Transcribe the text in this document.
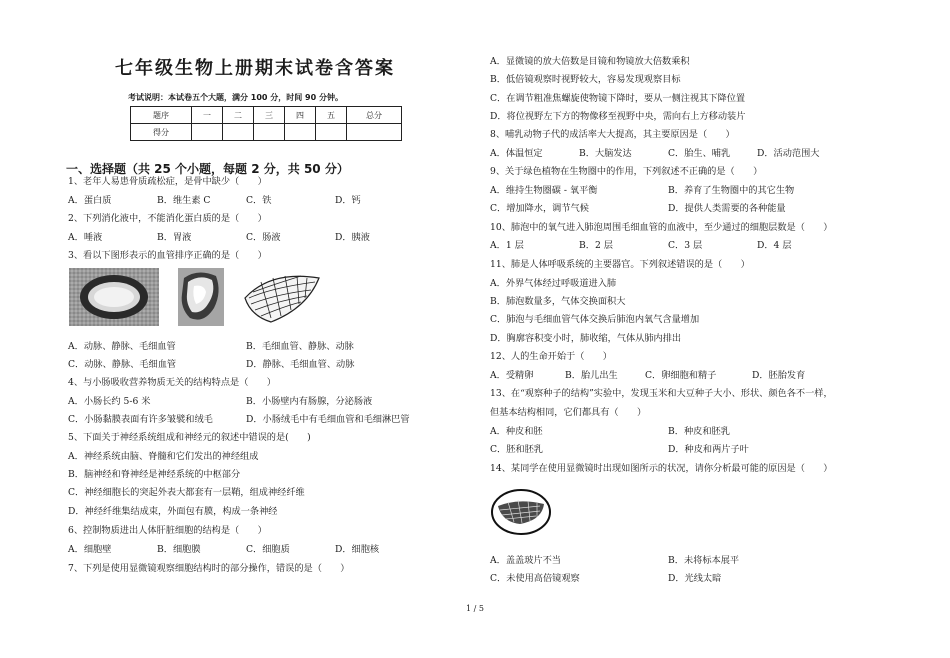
七年级生物上册期末试卷含答案
考试说明：本试卷五个大题，满分 100 分，时间 90 分钟。
题序	一	二	三	四	五	总分
得分						
一、选择题（共 25 个小题，每题 2 分，共 50 分）
1、老年人易患骨质疏松症，是骨中缺少（　　）
A．蛋白质	B．维生素 C	C．铁	D．钙
2、下列消化液中，不能消化蛋白质的是（　　）
A．唾液	B．胃液	C．肠液	D．胰液
3、看以下图形表示的血管排序正确的是（　　）
A．动脉、静脉、毛细血管	B．毛细血管、静脉、动脉
C．动脉、静脉、毛细血管	D．静脉、毛细血管、动脉
4、与小肠吸收营养物质无关的结构特点是（　　）
A．小肠长约 5-6 米	B．小肠壁内有肠腺，分泌肠液
C．小肠黏膜表面有许多皱襞和绒毛	D．小肠绒毛中有毛细血管和毛细淋巴管
5、下面关于神经系统组成和神经元的叙述中错误的是(　　)
A．神经系统由脑、脊髓和它们发出的神经组成
B．脑神经和脊神经是神经系统的中枢部分
C．神经细胞长的突起外表大都套有一层鞘，组成神经纤维
D．神经纤维集结成束，外面包有膜，构成一条神经
6、控制物质进出人体肝脏细胞的结构是（　　）
A．细胞壁	B．细胞膜	C．细胞质	D．细胞核
7、下列是使用显微镜观察细胞结构时的部分操作，错误的是（　　）
A．显微镜的放大倍数是目镜和物镜放大倍数乘积
B．低倍镜观察时视野较大，容易发现观察目标
C．在调节粗准焦螺旋使物镜下降时，要从一侧注视其下降位置
D．将位视野左下方的物像移至视野中央，需向右上方移动装片
8、哺乳动物子代的成活率大大提高，其主要原因是（　　）
A．体温恒定	B．大脑发达	C．胎生、哺乳	D．活动范围大
9、关于绿色植物在生物圈中的作用，下列叙述不正确的是（　　）
A．维持生物圈碳 - 氧平衡	B．养育了生物圈中的其它生物
C．增加降水，调节气候	D．提供人类需要的各种能量
10、肺泡中的氧气进入肺泡周围毛细血管的血液中，至少通过的细胞层数是（　　）
A．1 层	B．2 层	C．3 层	D．4 层
11、肺是人体呼吸系统的主要器官。下列叙述错误的是（　　）
A．外界气体经过呼吸道进入肺
B．肺泡数量多，气体交换面积大
C．肺泡与毛细血管气体交换后肺泡内氧气含量增加
D．胸廓容积变小时，肺收缩，气体从肺内排出
12、人的生命开始于（　　）
A．受精卵	B．胎儿出生	C．卵细胞和精子	D．胚胎发育
13、在“观察种子的结构”实验中，发现玉米和大豆种子大小、形状、颜色各不一样，
但基本结构相同，它们都具有（　　）
A．种皮和胚	B．种皮和胚乳
C．胚和胚乳	D．种皮和两片子叶
14、某同学在使用显微镜时出现如图所示的状况，请你分析最可能的原因是（　　）
A．盖盖玻片不当	B．未将标本展平
C．未使用高倍镜观察	D．光线太暗
1 / 5
